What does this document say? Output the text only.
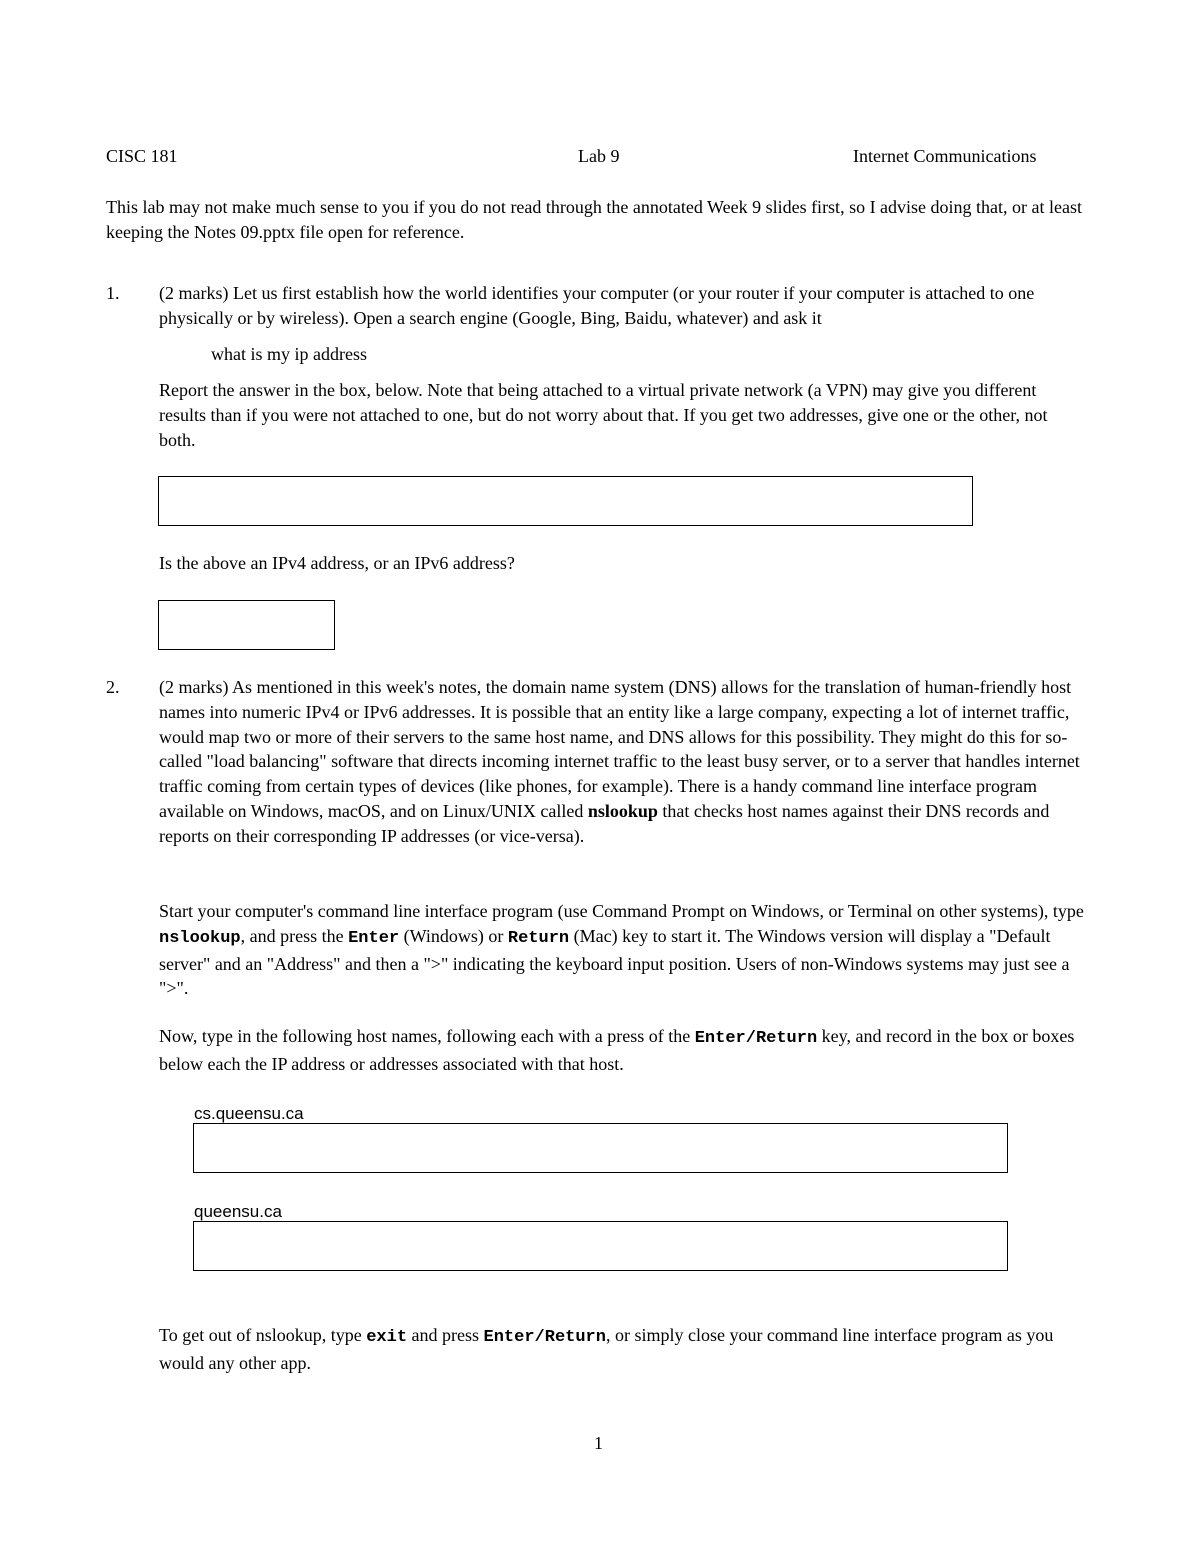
CISC 181	Lab 9	Internet Communications

This lab may not make much sense to you if you do not read through the annotated Week 9 slides first, so I advise doing that, or at least keeping the Notes 09.pptx file open for reference.

1. (2 marks) Let us first establish how the world identifies your computer (or your router if your computer is attached to one physically or by wireless). Open a search engine (Google, Bing, Baidu, whatever) and ask it

what is my ip address

Report the answer in the box, below. Note that being attached to a virtual private network (a VPN) may give you different results than if you were not attached to one, but do not worry about that. If you get two addresses, give one or the other, not both.

Is the above an IPv4 address, or an IPv6 address?
2. (2 marks) As mentioned in this week's notes, the domain name system (DNS) allows for the translation of human-friendly host names into numeric IPv4 or IPv6 addresses. It is possible that an entity like a large company, expecting a lot of internet traffic, would map two or more of their servers to the same host name, and DNS allows for this possibility. They might do this for so-called "load balancing" software that directs incoming internet traffic to the least busy server, or to a server that handles internet traffic coming from certain types of devices (like phones, for example). There is a handy command line interface program available on Windows, macOS, and on Linux/UNIX called nslookup that checks host names against their DNS records and reports on their corresponding IP addresses (or vice-versa).

Start your computer's command line interface program (use Command Prompt on Windows, or Terminal on other systems), type nslookup, and press the Enter (Windows) or Return (Mac) key to start it. The Windows version will display a "Default server" and an "Address" and then a ">" indicating the keyboard input position. Users of non-Windows systems may just see a ">".

Now, type in the following host names, following each with a press of the Enter/Return key, and record in the box or boxes below each the IP address or addresses associated with that host.

cs.queensu.ca
queensu.ca

To get out of nslookup, type exit and press Enter/Return, or simply close your command line interface program as you would any other app.

1
